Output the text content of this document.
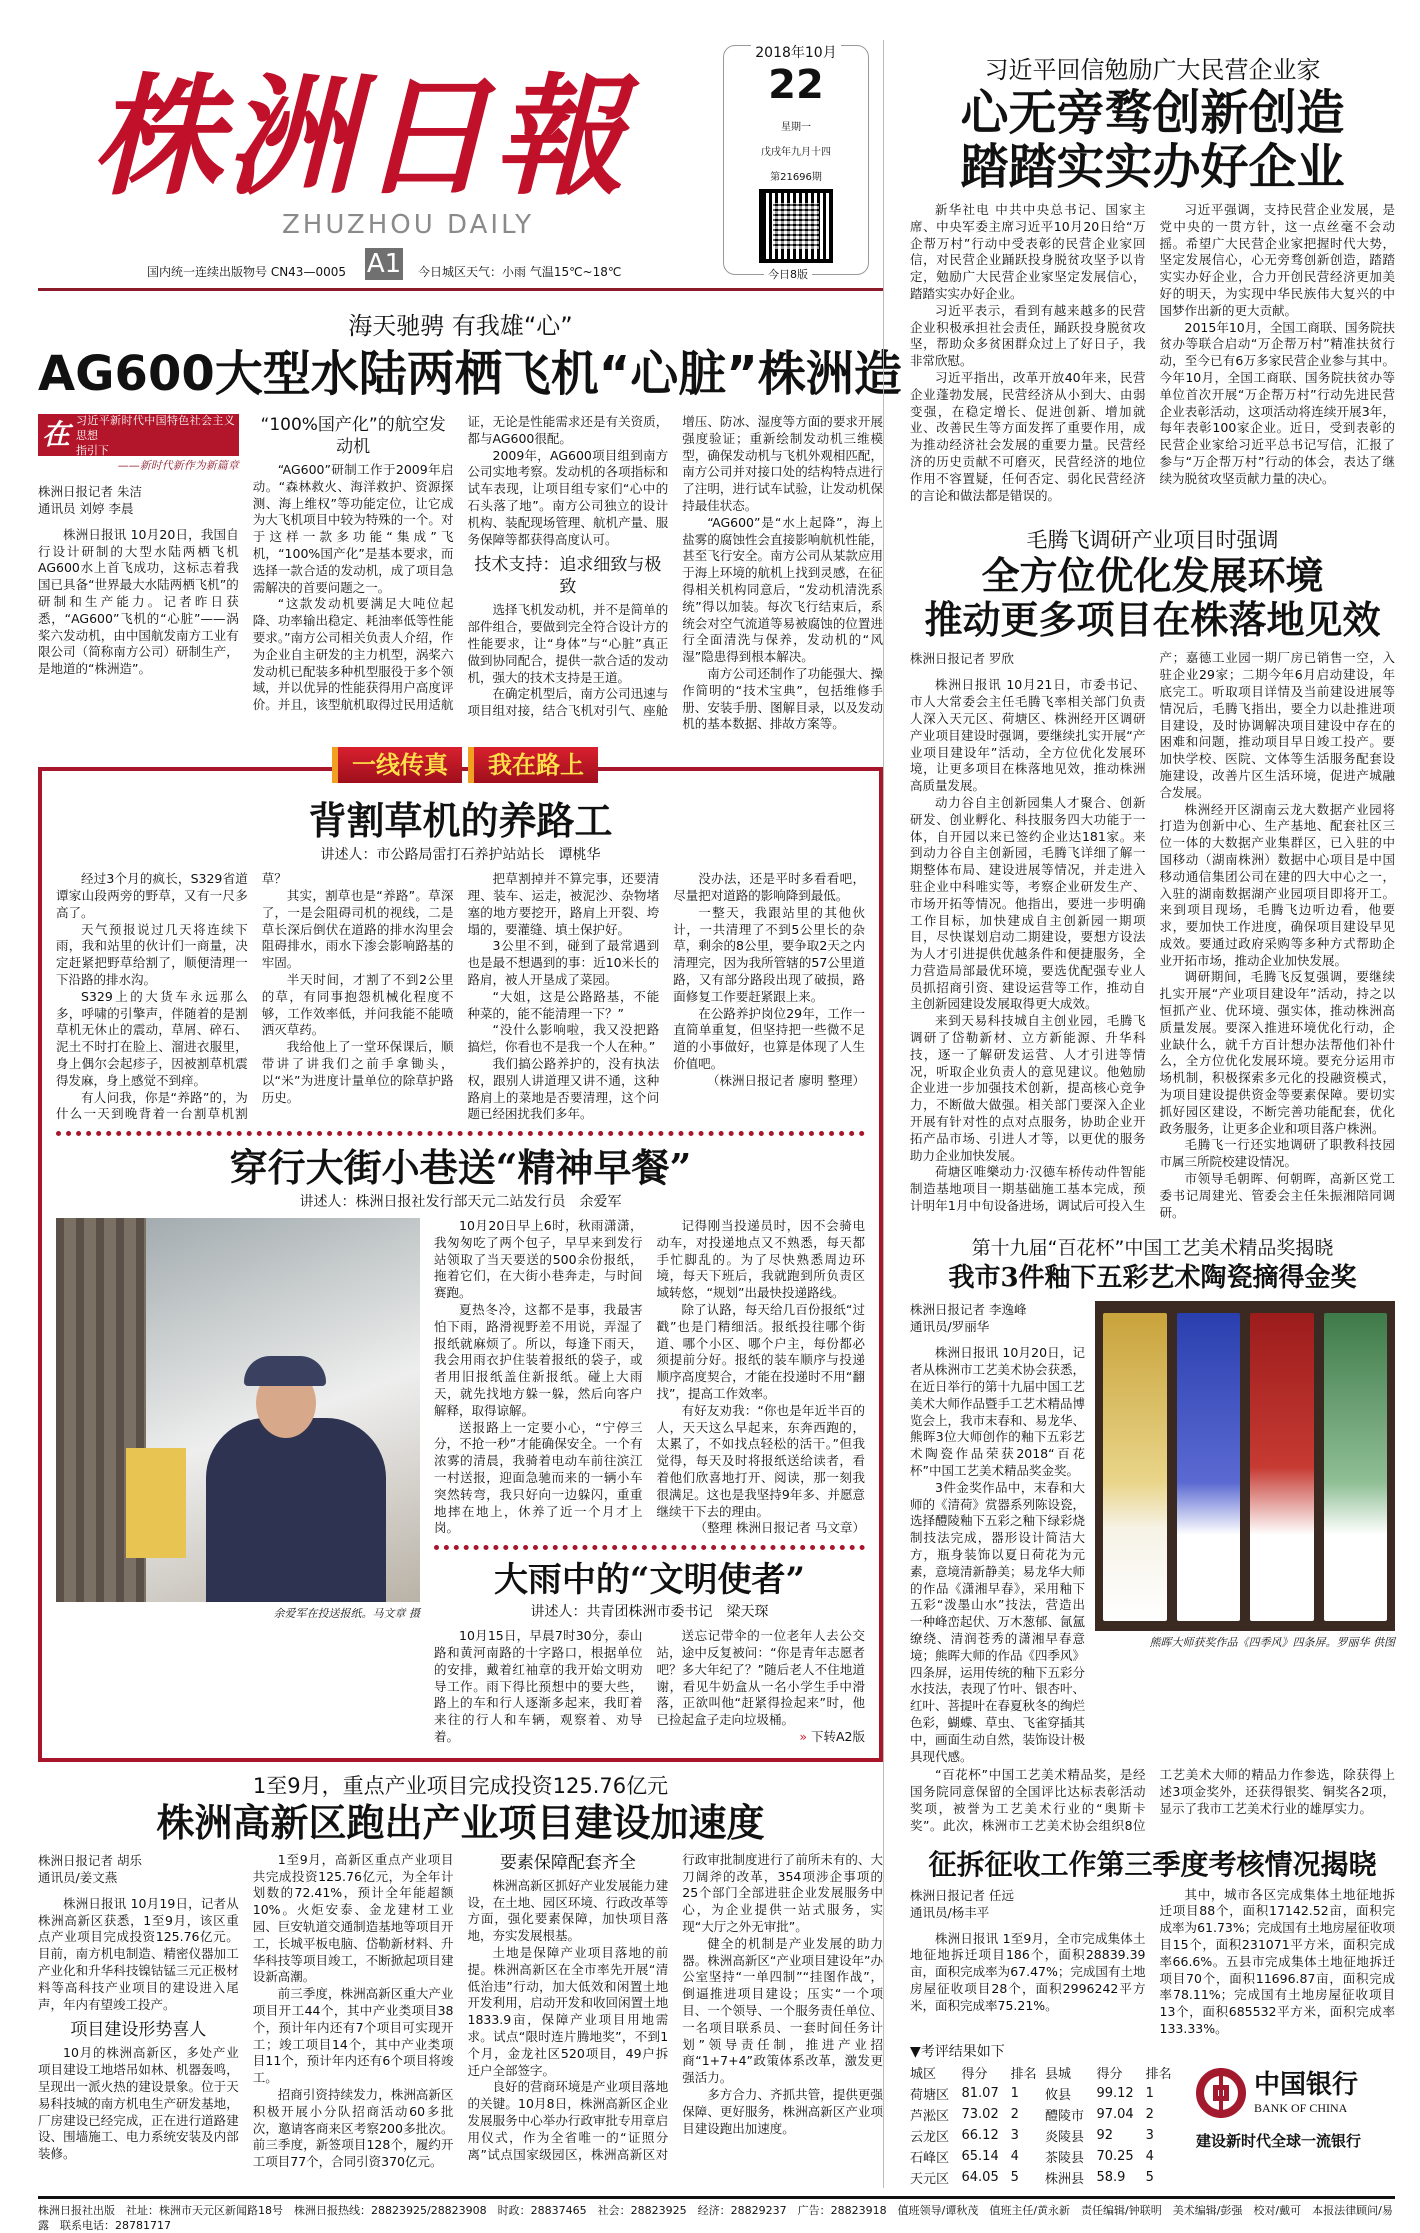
株洲日報
ZHUZHOU DAILY
2018年10月
22
星期一
戊戌年九月十四
第21696期
今日8版
国内统一连续出版物号 CN43—0005 A1 今日城区天气：小雨 气温15℃~18℃
海天驰骋 有我雄“心”
AG600大型水陆两栖飞机“心脏”株洲造
在 习近平新时代中国特色社会主义思想
指引下
——新时代新作为新篇章
株洲日报记者 朱洁
通讯员 刘婷 李晨

株洲日报讯 10月20日，我国自行设计研制的大型水陆两栖飞机AG600水上首飞成功，这标志着我国已具备“世界最大水陆两栖飞机”的研制和生产能力。记者昨日获悉，“AG600”飞机的“心脏”——涡桨六发动机，由中国航发南方工业有限公司（简称南方公司）研制生产，是地道的“株洲造”。

“100%国产化”的航空发动机

“AG600”研制工作于2009年启动。“森林救火、海洋救护、资源探测、海上维权”等功能定位，让它成为大飞机项目中较为特殊的一个。对于这样一款多功能“集成”飞机，“100%国产化”是基本要求，而选择一款合适的发动机，成了项目急需解决的首要问题之一。

“这款发动机要满足大吨位起降、功率输出稳定、耗油率低等性能要求。”南方公司相关负责人介绍，作为企业自主研发的主力机型，涡桨六发动机已配装多种机型服役于多个领域，并以优异的性能获得用户高度评价。并且，该型航机取得过民用适航证，无论是性能需求还是有关资质，都与AG600很配。

2009年，AG600项目组到南方公司实地考察。发动机的各项指标和试车表现，让项目组专家们“心中的石头落了地”。南方公司独立的设计机构、装配现场管理、航机产量、服务保障等都获得高度认可。

技术支持：追求细致与极致

选择飞机发动机，并不是简单的部件组合，要做到完全符合设计方的性能要求，让“身体”与“心脏”真正做到协同配合，提供一款合适的发动机，强大的技术支持是王道。

在确定机型后，南方公司迅速与项目组对接，结合飞机对引气、座舱增压、防冰、湿度等方面的要求开展强度验证；重新绘制发动机三维模型，确保发动机与飞机外观相匹配，南方公司并对接口处的结构特点进行了注明，进行试车试验，让发动机保持最佳状态。

“AG600”是“水上起降”，海上盐雾的腐蚀性会直接影响航机性能，甚至飞行安全。南方公司从某款应用于海上环境的航机上找到灵感，在征得相关机构同意后，“发动机清洗系统”得以加装。每次飞行结束后，系统会对空气流道等易被腐蚀的位置进行全面清洗与保养，发动机的“风湿”隐患得到根本解决。

南方公司还制作了功能强大、操作简明的“技术宝典”，包括维修手册、安装手册、图解目录，以及发动机的基本数据、排故方案等。

一线传真	我在路上
背割草机的养路工
讲述人：市公路局雷打石养护站站长　谭桃华

经过3个月的疯长，S329省道谭家山段两旁的野草，又有一尺多高了。

天气预报说过几天将连续下雨，我和站里的伙计们一商量，决定赶紧把野草给割了，顺便清理一下沿路的排水沟。

S329上的大货车永远那么多，呼啸的引擎声，伴随着的是割草机无休止的震动，草屑、碎石、泥土不时打在脸上、溜进衣服里，身上偶尔会起疹子，因被割草机震得发麻，身上感觉不到痒。

有人问我，你是“养路”的，为什么一天到晚背着一台割草机割草？

其实，割草也是“养路”。草深了，一是会阻碍司机的视线，二是草长深后倒伏在道路的排水沟里会阻碍排水，雨水下渗会影响路基的牢固。

半天时间，才割了不到2公里的草，有同事抱怨机械化程度不够，工作效率低，并问我能不能喷洒灭草药。

我给他上了一堂环保课后，顺带讲了讲我们之前手拿锄头，以“米”为进度计量单位的除草护路历史。

把草割掉并不算完事，还要清理、装车、运走，被泥沙、杂物堵塞的地方要挖开，路肩上开裂、垮塌的，要灌缝、填土保护好。

3公里不到，碰到了最常遇到也是最不想遇到的事：近10米长的路肩，被人开垦成了菜园。

“大姐，这是公路路基，不能种菜的，能不能清理一下？”

“没什么影响啦，我又没把路搞烂，你看也不是我一个人在种。”

我们搞公路养护的，没有执法权，跟别人讲道理又讲不通，这种路肩上的菜地是否要清理，这个问题已经困扰我们多年。

没办法，还是平时多看看吧，尽量把对道路的影响降到最低。

一整天，我跟站里的其他伙计，一共清理了不到5公里长的杂草，剩余的8公里，要争取2天之内清理完，因为我所管辖的57公里道路，又有部分路段出现了破损，路面修复工作要赶紧跟上来。

在公路养护岗位29年，工作一直简单重复，但坚持把一些微不足道的小事做好，也算是体现了人生价值吧。

（株洲日报记者 廖明 整理）
穿行大街小巷送“精神早餐”
讲述人：株洲日报社发行部天元二站发行员　余爱军
余爱军在投送报纸。马文章 摄

10月20日早上6时，秋雨潇潇，我匆匆吃了两个包子，早早来到发行站领取了当天要送的500余份报纸，拖着它们，在大街小巷奔走，与时间赛跑。

夏热冬冷，这都不是事，我最害怕下雨，路滑视野差不用说，弄湿了报纸就麻烦了。所以，每逢下雨天，我会用雨衣护住装着报纸的袋子，或者用旧报纸盖住新报纸。碰上大雨天，就先找地方躲一躲，然后向客户解释，取得谅解。

送报路上一定要小心，“宁停三分，不抢一秒”才能确保安全。一个有浓雾的清晨，我骑着电动车前往滨江一村送报，迎面急驰而来的一辆小车突然转弯，我只好向一边躲闪，重重地摔在地上，休养了近一个月才上岗。

记得刚当投递员时，因不会骑电动车，对投递地点又不熟悉，每天都手忙脚乱的。为了尽快熟悉周边环境，每天下班后，我就跑到所负责区域转悠，“规划”出最快投递路线。

除了认路，每天给几百份报纸“过戳”也是门精细活。报纸投往哪个街道、哪个小区、哪个户主，每份都必须提前分好。报纸的装车顺序与投递顺序高度契合，才能在投递时不用“翻找”，提高工作效率。

有好友劝我：“你也是年近半百的人，天天这么早起来，东奔西跑的，太累了，不如找点轻松的活干。”但我觉得，每天及时将报纸送给读者，看着他们欣喜地打开、阅读，那一刻我很满足。这也是我坚持9年多、并愿意继续干下去的理由。

（整理 株洲日报记者 马文章）
大雨中的“文明使者”
讲述人：共青团株洲市委书记　梁天琛

10月15日，早晨7时30分，泰山路和黄河南路的十字路口，根据单位的安排，戴着红袖章的我开始文明劝导工作。雨下得比预想中的要大些，路上的车和行人逐渐多起来，我盯着来往的行人和车辆，观察着、劝导着。

送忘记带伞的一位老年人去公交站，途中反复被问：“你是青年志愿者吧？多大年纪了？”随后老人不住地道谢，看见牛奶盒从一名小学生手中滑落，正欲叫他“赶紧得捡起来”时，他已捡起盒子走向垃圾桶。

» 下转A2版
1至9月，重点产业项目完成投资125.76亿元
株洲高新区跑出产业项目建设加速度
株洲日报记者 胡乐
通讯员/姜文燕

株洲日报讯 10月19日，记者从株洲高新区获悉，1至9月，该区重点产业项目完成投资125.76亿元。目前，南方机电制造、精密仪器加工产业化和升华科技镍钴锰三元正极材料等高科技产业项目的建设进入尾声，年内有望竣工投产。

项目建设形势喜人

10月的株洲高新区，多处产业项目建设工地塔吊如林、机器轰鸣，呈现出一派火热的建设景象。位于天易科技城的南方机电生产研发基地，厂房建设已经完成，正在进行道路建设、围墙施工、电力系统安装及内部装修。

1至9月，高新区重点产业项目共完成投资125.76亿元，为全年计划数的72.41%，预计全年能超额10%。火炬安泰、金龙建材工业园、巨安轨道交通制造基地等项目开工，长城平板电脑、岱勒新材料、升华科技等项目竣工，不断掀起项目建设新高潮。

前三季度，株洲高新区重大产业项目开工44个，其中产业类项目38个，预计年内还有7个项目可实现开工；竣工项目14个，其中产业类项目11个，预计年内还有6个项目将竣工。

招商引资持续发力，株洲高新区积极开展小分队招商活动60多批次，邀请客商来区考察200多批次。前三季度，新签项目128个，履约开工项目77个，合同引资370亿元。

要素保障配套齐全

株洲高新区抓好产业发展能力建设，在土地、园区环境、行政改革等方面，强化要素保障，加快项目落地，夯实发展根基。

土地是保障产业项目落地的前提。株洲高新区在全市率先开展“清低治违”行动，加大低效和闲置土地开发利用，启动开发和收回闲置土地1833.9亩，保障产业项目用地需求。试点“限时连片腾地奖”，不到1个月，金龙社区520项目，49户拆迁户全部签字。

良好的营商环境是产业项目落地的关键。10月8日，株洲高新区企业发展服务中心举办行政审批专用章启用仪式，作为全省唯一的“证照分离”试点国家级园区，株洲高新区对行政审批制度进行了前所未有的、大刀阔斧的改革，354项涉企事项的25个部门全部进驻企业发展服务中心，为企业提供一站式服务，实现“大厅之外无审批”。

健全的机制是产业发展的助力器。株洲高新区“产业项目建设年”办公室坚持“一单四制”“挂图作战”，倒逼推进项目建设；压实“一个项目、一个领导、一个服务责任单位、一名项目联系员、一套时间任务计划”领导责任制，推进产业招商“1+7+4”政策体系改革，激发更强活力。

多方合力、齐抓共管，提供更强保障、更好服务，株洲高新区产业项目建设跑出加速度。

习近平回信勉励广大民营企业家
心无旁骛创新创造
踏踏实实办好企业

新华社电 中共中央总书记、国家主席、中央军委主席习近平10月20日给“万企帮万村”行动中受表彰的民营企业家回信，对民营企业踊跃投身脱贫攻坚予以肯定，勉励广大民营企业家坚定发展信心，踏踏实实办好企业。

习近平表示，看到有越来越多的民营企业积极承担社会责任，踊跃投身脱贫攻坚，帮助众多贫困群众过上了好日子，我非常欣慰。

习近平指出，改革开放40年来，民营企业蓬勃发展，民营经济从小到大、由弱变强，在稳定增长、促进创新、增加就业、改善民生等方面发挥了重要作用，成为推动经济社会发展的重要力量。民营经济的历史贡献不可磨灭，民营经济的地位作用不容置疑，任何否定、弱化民营经济的言论和做法都是错误的。

习近平强调，支持民营企业发展，是党中央的一贯方针，这一点丝毫不会动摇。希望广大民营企业家把握时代大势，坚定发展信心，心无旁骛创新创造，踏踏实实办好企业，合力开创民营经济更加美好的明天，为实现中华民族伟大复兴的中国梦作出新的更大贡献。

2015年10月，全国工商联、国务院扶贫办等联合启动“万企帮万村”精准扶贫行动，至今已有6万多家民营企业参与其中。今年10月，全国工商联、国务院扶贫办等单位首次开展“万企帮万村”行动先进民营企业表彰活动，这项活动将连续开展3年，每年表彰100家企业。近日，受到表彰的民营企业家给习近平总书记写信，汇报了参与“万企帮万村”行动的体会，表达了继续为脱贫攻坚贡献力量的决心。

毛腾飞调研产业项目时强调
全方位优化发展环境
推动更多项目在株落地见效
株洲日报记者 罗欣

株洲日报讯 10月21日，市委书记、市人大常委会主任毛腾飞率相关部门负责人深入天元区、荷塘区、株洲经开区调研产业项目建设时强调，要继续扎实开展“产业项目建设年”活动，全方位优化发展环境，让更多项目在株落地见效，推动株洲高质量发展。

动力谷自主创新园集人才聚合、创新研发、创业孵化、科技服务四大功能于一体，自开园以来已签约企业达181家。来到动力谷自主创新园，毛腾飞详细了解一期整体布局、建设进展等情况，并走进入驻企业中科唯实等，考察企业研发生产、市场开拓等情况。他指出，要进一步明确工作目标，加快建成自主创新园一期项目，尽快谋划启动二期建设，要想方设法为人才引进提供优越条件和便捷服务，全力营造局部最优环境，要选优配强专业人员抓招商引资、建设运营等工作，推动自主创新园建设发展取得更大成效。

来到天易科技城自主创业园，毛腾飞调研了岱勒新材、立方新能源、升华科技，逐一了解研发运营、人才引进等情况，听取企业负责人的意见建议。他勉励企业进一步加强技术创新，提高核心竞争力，不断做大做强。相关部门要深入企业开展有针对性的点对点服务，协助企业开拓产品市场、引进人才等，以更优的服务助力企业加快发展。

荷塘区唯樂动力·汉德车桥传动件智能制造基地项目一期基础施工基本完成，预计明年1月中旬设备进场，调试后可投入生产；嘉德工业园一期厂房已销售一空，入驻企业29家；二期今年6月启动建设，年底完工。听取项目详情及当前建设进展等情况后，毛腾飞指出，要全力以赴推进项目建设，及时协调解决项目建设中存在的困难和问题，推动项目早日竣工投产。要加快学校、医院、文体等生活服务配套设施建设，改善片区生活环境，促进产城融合发展。

株洲经开区湖南云龙大数据产业园将打造为创新中心、生产基地、配套社区三位一体的大数据产业集群区，已入驻的中国移动（湖南株洲）数据中心项目是中国移动通信集团公司在建的四大中心之一，入驻的湖南数据湖产业园项目即将开工。来到项目现场，毛腾飞边听边看，他要求，要加快工作进度，确保项目建设早见成效。要通过政府采购等多种方式帮助企业开拓市场，推动企业加快发展。

调研期间，毛腾飞反复强调，要继续扎实开展“产业项目建设年”活动，持之以恒抓产业、优环境、强实体，推动株洲高质量发展。要深入推进环境优化行动，企业缺什么，就千方百计想办法帮他们补什么，全方位优化发展环境。要充分运用市场机制，积极探索多元化的投融资模式，为项目建设提供资金等要素保障。要切实抓好园区建设，不断完善功能配套，优化政务服务，让更多企业和项目落户株洲。

毛腾飞一行还实地调研了职教科技园市属三所院校建设情况。

市领导毛朝晖、何朝晖，高新区党工委书记周建光、管委会主任朱振湘陪同调研。

第十九届“百花杯”中国工艺美术精品奖揭晓
我市3件釉下五彩艺术陶瓷摘得金奖
株洲日报记者 李逸峰
通讯员/罗丽华

株洲日报讯 10月20日，记者从株洲市工艺美术协会获悉，在近日举行的第十九届中国工艺美术大师作品暨手工艺术精品博览会上，我市末春和、易龙华、熊晖3位大师创作的釉下五彩艺术陶瓷作品荣获2018“百花杯”中国工艺美术精品奖金奖。

3件金奖作品中，末春和大师的《清荷》赏器系列陈设瓷，选择醴陵釉下五彩之釉下绿彩烧制技法完成，器形设计简洁大方，瓶身装饰以夏日荷花为元素，意境清新静美；易龙华大师的作品《潇湘早春》，采用釉下五彩“泼墨山水”技法，营造出一种峰峦起伏、万木葱郁、氤氲缭绕、清润苍秀的潇湘早春意境；熊晖大师的作品《四季风》四条屏，运用传统的釉下五彩分水技法，表现了竹叶、银杏叶、红叶、菩提叶在春夏秋冬的绚烂色彩，蝴蝶、草虫、飞雀穿插其中，画面生动自然，装饰设计极具现代感。

熊晖大师获奖作品《四季风》四条屏。罗丽华 供图

“百花杯”中国工艺美术精品奖，是经国务院同意保留的全国评比达标表彰活动奖项，被誉为工艺美术行业的“奥斯卡奖”。此次，株洲市工艺美术协会组织8位工艺美术大师的精品力作参选，除获得上述3项金奖外，还获得银奖、铜奖各2项，显示了我市工艺美术行业的雄厚实力。

征拆征收工作第三季度考核情况揭晓
株洲日报记者 任远
通讯员/杨丰平

株洲日报讯 1至9月，全市完成集体土地征地拆迁项目186个，面积28839.39亩，面积完成率为67.47%；完成国有土地房屋征收项目28个，面积2996242平方米，面积完成率75.21%。

其中，城市各区完成集体土地征地拆迁项目88个，面积17142.52亩，面积完成率为61.73%；完成国有土地房屋征收项目15个，面积231071平方米，面积完成率66.6%。五县市完成集体土地征地拆迁项目70个，面积11696.87亩，面积完成率78.11%；完成国有土地房屋征收项目13个，面积685532平方米，面积完成率133.33%。

▼考评结果如下
城区	得分	排名	县城	得分	排名
荷塘区	81.07	1	攸县	99.12	1
芦淞区	73.02	2	醴陵市	97.04	2
云龙区	66.12	3	炎陵县	92	3
石峰区	65.14	4	茶陵县	70.25	4
天元区	64.05	5	株洲县	58.9	5
中国银行
BANK OF CHINA
建设新时代全球一流银行
株洲日报社出版　社址：株洲市天元区新闻路18号　株洲日报热线：28823925/28823908　时政：28837465　社会：28823925　经济：28829237　广告：28823918　值班领导/谭秋茂　值班主任/黄永新　责任编辑/钟联明　美术编辑/彭强　校对/戴可　本报法律顾问/易露　联系电话：28781717
